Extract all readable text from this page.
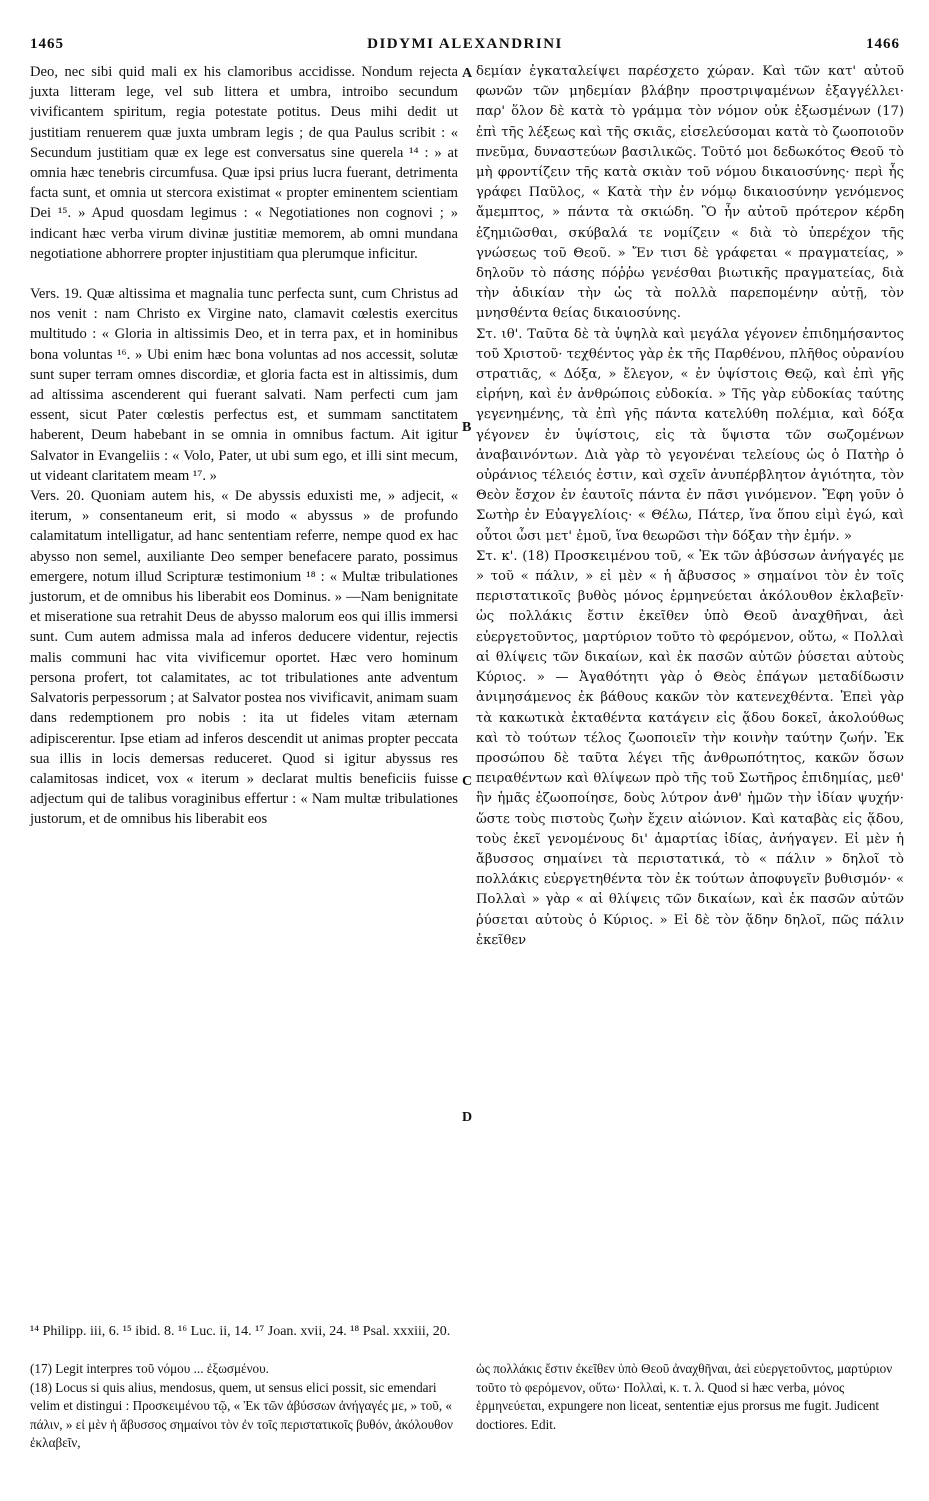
1465	DIDYMI ALEXANDRINI	1466
A
B
C
D

Deo, nec sibi quid mali ex his clamoribus accidisse. Nondum rejecta juxta litteram lege, vel sub littera et umbra, introibo secundum vivificantem spiritum, regia potestate potitus. Deus mihi dedit ut justitiam renuerem quæ juxta umbram legis ; de qua Paulus scribit : « Secundum justitiam quæ ex lege est conversatus sine querela ¹⁴ : » at omnia hæc tenebris circumfusa. Quæ ipsi prius lucra fuerant, detrimenta facta sunt, et omnia ut stercora existimat « propter eminentem scientiam Dei ¹⁵. » Apud quosdam legimus : « Negotiationes non cognovi ; » indicant hæc verba virum divinæ justitiæ memorem, ab omni mundana negotiatione abhorrere propter injustitiam qua plerumque inficitur.

Vers. 19. Quæ altissima et magnalia tunc perfecta sunt, cum Christus ad nos venit : nam Christo ex Virgine nato, clamavit cœlestis exercitus multitudo : « Gloria in altissimis Deo, et in terra pax, et in hominibus bona voluntas ¹⁶. » Ubi enim hæc bona voluntas ad nos accessit, solutæ sunt super terram omnes discordiæ, et gloria facta est in altissimis, dum ad altissima ascenderent qui fuerant salvati. Nam perfecti cum jam essent, sicut Pater cœlestis perfectus est, et summam sanctitatem haberent, Deum habebant in se omnia in omnibus factum. Ait igitur Salvator in Evangeliis : « Volo, Pater, ut ubi sum ego, et illi sint mecum, ut videant claritatem meam ¹⁷. »

Vers. 20. Quoniam autem his, « De abyssis eduxisti me, » adjecit, « iterum, » consentaneum erit, si modo « abyssus » de profundo calamitatum intelligatur, ad hanc sententiam referre, nempe quod ex hac abysso non semel, auxiliante Deo semper benefacere parato, possimus emergere, notum illud Scripturæ testimonium ¹⁸ : « Multæ tribulationes justorum, et de omnibus his liberabit eos Dominus. » —Nam benignitate et miseratione sua retrahit Deus de abysso malorum eos qui illis immersi sunt. Cum autem admissa mala ad inferos deducere videntur, rejectis malis communi hac vita vivificemur oportet. Hæc vero hominum persona profert, tot calamitates, ac tot tribulationes ante adventum Salvatoris perpessorum ; at Salvator postea nos vivificavit, animam suam dans redemptionem pro nobis : ita ut fideles vitam æternam adipiscerentur. Ipse etiam ad inferos descendit ut animas propter peccata sua illis in locis demersas reduceret. Quod si igitur abyssus res calamitosas indicet, vox « iterum » declarat multis beneficiis fuisse adjectum qui de talibus voraginibus effertur : « Nam multæ tribulationes justorum, et de omnibus his liberabit eos

δεμίαν ἐγκαταλείψει παρέσχετο χώραν. Καὶ τῶν κατ' αὐτοῦ φωνῶν τῶν μηδεμίαν βλάβην προστριψαμένων ἐξαγγέλλει· παρ' ὅλον δὲ κατὰ τὸ γράμμα τὸν νόμον οὐκ ἐξωσμένων (17) ἐπὶ τῆς λέξεως καὶ τῆς σκιᾶς, εἰσελεύσομαι κατὰ τὸ ζωοποιοῦν πνεῦμα, δυναστεύων βασιλικῶς. Τοῦτό μοι δεδωκότος Θεοῦ τὸ μὴ φροντίζειν τῆς κατὰ σκιὰν τοῦ νόμου δικαιοσύνης· περὶ ἧς γράφει Παῦλος, « Κατὰ τὴν ἐν νόμῳ δικαιοσύνην γενόμενος ἄμεμπτος, » πάντα τὰ σκιώδη. Ὃ ἦν αὐτοῦ πρότερον κέρδη ἐζημιῶσθαι, σκύβαλά τε νομίζειν « διὰ τὸ ὑπερέχον τῆς γνώσεως τοῦ Θεοῦ. » Ἔν τισι δὲ γράφεται « πραγματείας, » δηλοῦν τὸ πάσης πόῤῥω γενέσθαι βιωτικῆς πραγματείας, διὰ τὴν ἀδικίαν τὴν ὡς τὰ πολλὰ παρεπομένην αὐτῇ, τὸν μνησθέντα θείας δικαιοσύνης.

Στ. ιθ'. Ταῦτα δὲ τὰ ὑψηλὰ καὶ μεγάλα γέγονεν ἐπιδημήσαντος τοῦ Χριστοῦ· τεχθέντος γὰρ ἐκ τῆς Παρθένου, πλῆθος οὐρανίου στρατιᾶς, « Δόξα, » ἔλεγον, « ἐν ὑψίστοις Θεῷ, καὶ ἐπὶ γῆς εἰρήνη, καὶ ἐν ἀνθρώποις εὐδοκία. » Τῆς γὰρ εὐδοκίας ταύτης γεγενημένης, τὰ ἐπὶ γῆς πάντα κατελύθη πολέμια, καὶ δόξα γέγονεν ἐν ὑψίστοις, εἰς τὰ ὕψιστα τῶν σωζομένων ἀναβαινόντων. Διὰ γὰρ τὸ γεγονέναι τελείους ὡς ὁ Πατὴρ ὁ οὐράνιος τέλειός ἐστιν, καὶ σχεῖν ἀνυπέρβλητον ἁγιότητα, τὸν Θεὸν ἔσχον ἐν ἑαυτοῖς πάντα ἐν πᾶσι γινόμενον. Ἔφη γοῦν ὁ Σωτὴρ ἐν Εὐαγγελίοις· « Θέλω, Πάτερ, ἵνα ὅπου εἰμὶ ἐγώ, καὶ οὗτοι ὦσι μετ' ἐμοῦ, ἵνα θεωρῶσι τὴν δόξαν τὴν ἐμήν. »

Στ. κ'. (18) Προσκειμένου τοῦ, « Ἐκ τῶν ἀβύσσων ἀνήγαγές με » τοῦ « πάλιν, » εἰ μὲν « ἡ ἄβυσσος » σημαίνοι τὸν ἐν τοῖς περιστατικοῖς βυθὸς μόνος ἑρμηνεύεται ἀκόλουθον ἐκλαβεῖν· ὡς πολλάκις ἔστιν ἐκεῖθεν ὑπὸ Θεοῦ ἀναχθῆναι, ἀεὶ εὐεργετοῦντος, μαρτύριον τοῦτο τὸ φερόμενον, οὕτω, « Πολλαὶ αἱ θλίψεις τῶν δικαίων, καὶ ἐκ πασῶν αὐτῶν ῥύσεται αὐτοὺς Κύριος. » — Ἀγαθότητι γὰρ ὁ Θεὸς ἐπάγων μεταδίδωσιν ἀνιμησάμενος ἐκ βάθους κακῶν τὸν κατενεχθέντα. Ἐπεὶ γὰρ τὰ κακωτικὰ ἐκταθέντα κατάγειν εἰς ᾅδου δοκεῖ, ἀκολούθως καὶ τὸ τούτων τέλος ζωοποιεῖν τὴν κοινὴν ταύτην ζωήν. Ἐκ προσώπου δὲ ταῦτα λέγει τῆς ἀνθρωπότητος, κακῶν ὅσων πειραθέντων καὶ θλίψεων πρὸ τῆς τοῦ Σωτῆρος ἐπιδημίας, μεθ' ἣν ἡμᾶς ἐζωοποίησε, δοὺς λύτρον ἀνθ' ἡμῶν τὴν ἰδίαν ψυχήν· ὥστε τοὺς πιστοὺς ζωὴν ἔχειν αἰώνιον. Καὶ καταβὰς εἰς ᾅδου, τοὺς ἐκεῖ γενομένους δι' ἁμαρτίας ἰδίας, ἀνήγαγεν. Εἰ μὲν ἡ ἄβυσσος σημαίνει τὰ περιστατικά, τὸ « πάλιν » δηλοῖ τὸ πολλάκις εὐεργετηθέντα τὸν ἐκ τούτων ἀποφυγεῖν βυθισμόν· « Πολλαὶ » γὰρ « αἱ θλίψεις τῶν δικαίων, καὶ ἐκ πασῶν αὐτῶν ῥύσεται αὐτοὺς ὁ Κύριος. » Εἰ δὲ τὸν ᾅδην δηλοῖ, πῶς πάλιν ἐκεῖθεν

¹⁴ Philipp. iii, 6. ¹⁵ ibid. 8. ¹⁶ Luc. ii, 14. ¹⁷ Joan. xvii, 24. ¹⁸ Psal. xxxiii, 20.

(17) Legit interpres τοῦ νόμου ... ἐξωσμένου.

(18) Locus si quis alius, mendosus, quem, ut sensus elici possit, sic emendari velim et distingui : Προσκειμένου τῷ, « Ἐκ τῶν ἀβύσσων ἀνήγαγές με, » τοῦ, « πάλιν, » εἰ μὲν ἡ ἄβυσσος σημαίνοι τὸν ἐν τοῖς περιστατικοῖς βυθόν, ἀκόλουθον ἐκλαβεῖν,

ὡς πολλάκις ἔστιν ἐκεῖθεν ὑπὸ Θεοῦ ἀναχθῆναι, ἀεὶ εὐεργετοῦντος, μαρτύριον τοῦτο τὸ φερόμενον, οὕτω· Πολλαὶ, κ. τ. λ. Quod si hæc verba, μόνος ἑρμηνεύεται, expungere non liceat, sententiæ ejus prorsus me fugit. Judicent doctiores. Edit.
